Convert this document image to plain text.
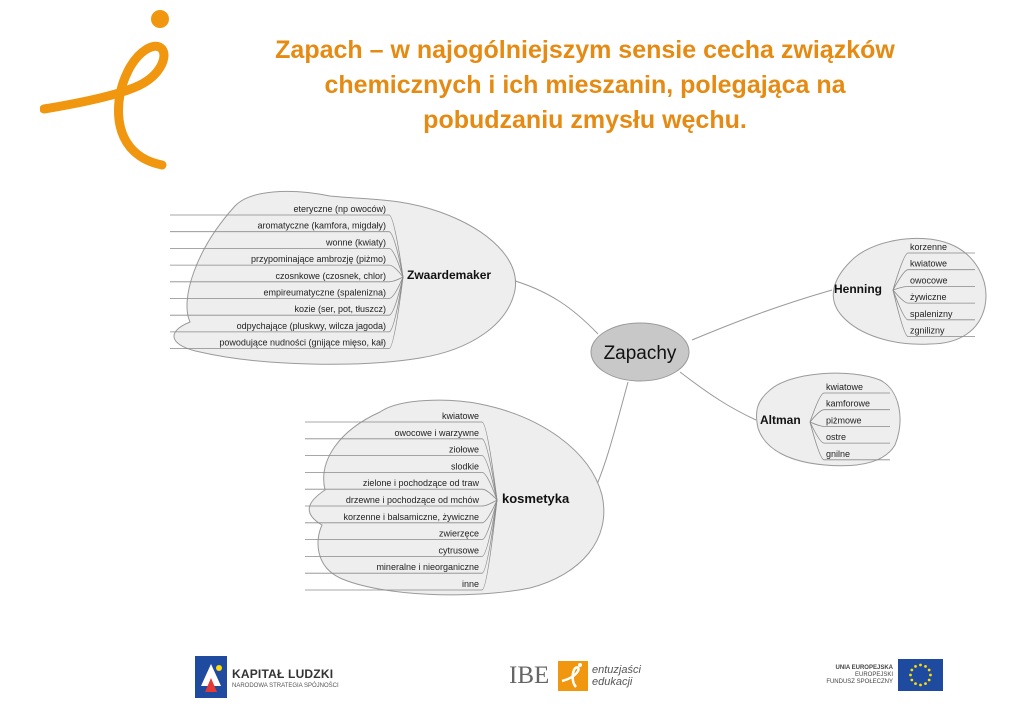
Zapach – w najogólniejszym sensie cecha związków
chemicznych i ich mieszanin, polegająca na
pobudzaniu zmysłu węchu.
Zwaardemaker
eteryczne (np owoców)
aromatyczne (kamfora, migdały)
wonne (kwiaty)
przypominające ambrozję (piżmo)
czosnkowe (czosnek, chlor)
empireumatyczne (spalenizna)
kozie (ser, pot, tłuszcz)
odpychające (pluskwy, wilcza jagoda)
powodujące nudności (gnijące mięso, kał)
Henning
korzenne
kwiatowe
owocowe
żywiczne
spaleniznу
zgnilizny
Altman
kwiatowe
kamforowe
piżmowe
ostre
gnilne
kosmetyka
kwiatowe
owocowe i warzywne
ziołowe
slodkie
zielone i pochodzące od traw
drzewne i pochodzące od mchów
korzenne i balsamiczne, żywiczne
zwierzęce
cytrusowe
mineralne i nieorganiczne
inne
Zapachy
KAPITAŁ LUDZKI
NARODOWA STRATEGIA SPÓJNOŚCI	IBE	entuzjaści
edukacji
UNIA EUROPEJSKA
EUROPEJSKI
FUNDUSZ SPOŁECZNY
